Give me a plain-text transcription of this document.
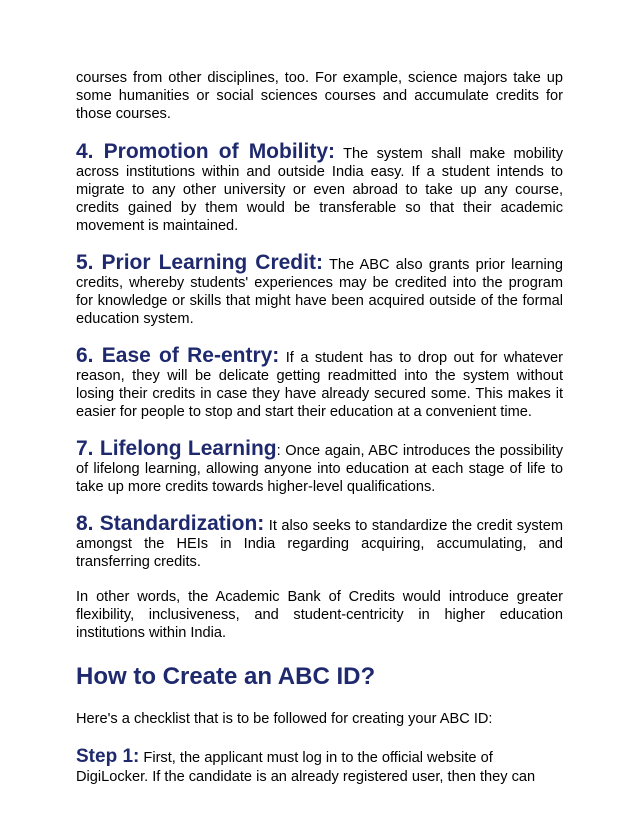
courses from other disciplines, too. For example, science majors take up some humanities or social sciences courses and accumulate credits for those courses.

4. Promotion of Mobility: The system shall make mobility across institutions within and outside India easy. If a student intends to migrate to any other university or even abroad to take up any course, credits gained by them would be transferable so that their academic movement is maintained.

5. Prior Learning Credit: The ABC also grants prior learning credits, whereby students' experiences may be credited into the program for knowledge or skills that might have been acquired outside of the formal education system.

6. Ease of Re-entry: If a student has to drop out for whatever reason, they will be delicate getting readmitted into the system without losing their credits in case they have already secured some. This makes it easier for people to stop and start their education at a convenient time.

7. Lifelong Learning: Once again, ABC introduces the possibility of lifelong learning, allowing anyone into education at each stage of life to take up more credits towards higher-level qualifications.

8. Standardization: It also seeks to standardize the credit system amongst the HEIs in India regarding acquiring, accumulating, and transferring credits.

In other words, the Academic Bank of Credits would introduce greater flexibility, inclusiveness, and student-centricity in higher education institutions within India.

How to Create an ABC ID?

Here's a checklist that is to be followed for creating your ABC ID:

Step 1: First, the applicant must log in to the official website of DigiLocker. If the candidate is an already registered user, then they can
